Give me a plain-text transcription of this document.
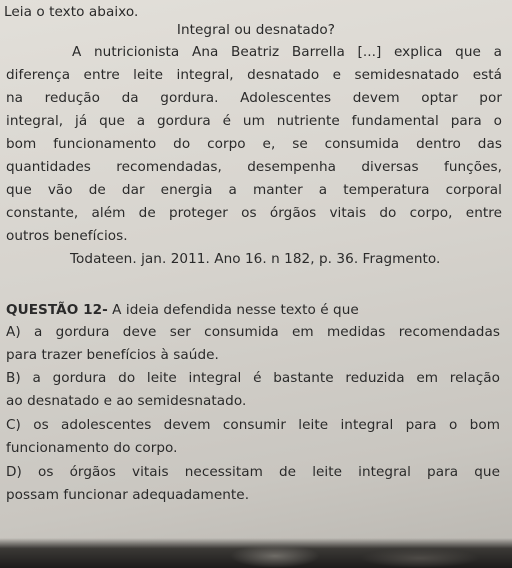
Leia o texto abaixo.
Integral ou desnatado?
A nutricionista Ana Beatriz Barrella [...] explica que a
diferença entre leite integral, desnatado e semidesnatado está
na redução da gordura. Adolescentes devem optar por
integral, já que a gordura é um nutriente fundamental para o
bom funcionamento do corpo e, se consumida dentro das
quantidades recomendadas, desempenha diversas funções,
que vão de dar energia a manter a temperatura corporal
constante, além de proteger os órgãos vitais do corpo, entre
outros benefícios.
Todateen. jan. 2011. Ano 16. n 182, p. 36. Fragmento.
QUESTÃO 12- A ideia defendida nesse texto é que
A) a gordura deve ser consumida em medidas recomendadas
para trazer benefícios à saúde.
B) a gordura do leite integral é bastante reduzida em relação
ao desnatado e ao semidesnatado.
C) os adolescentes devem consumir leite integral para o bom
funcionamento do corpo.
D) os órgãos vitais necessitam de leite integral para que
possam funcionar adequadamente.
